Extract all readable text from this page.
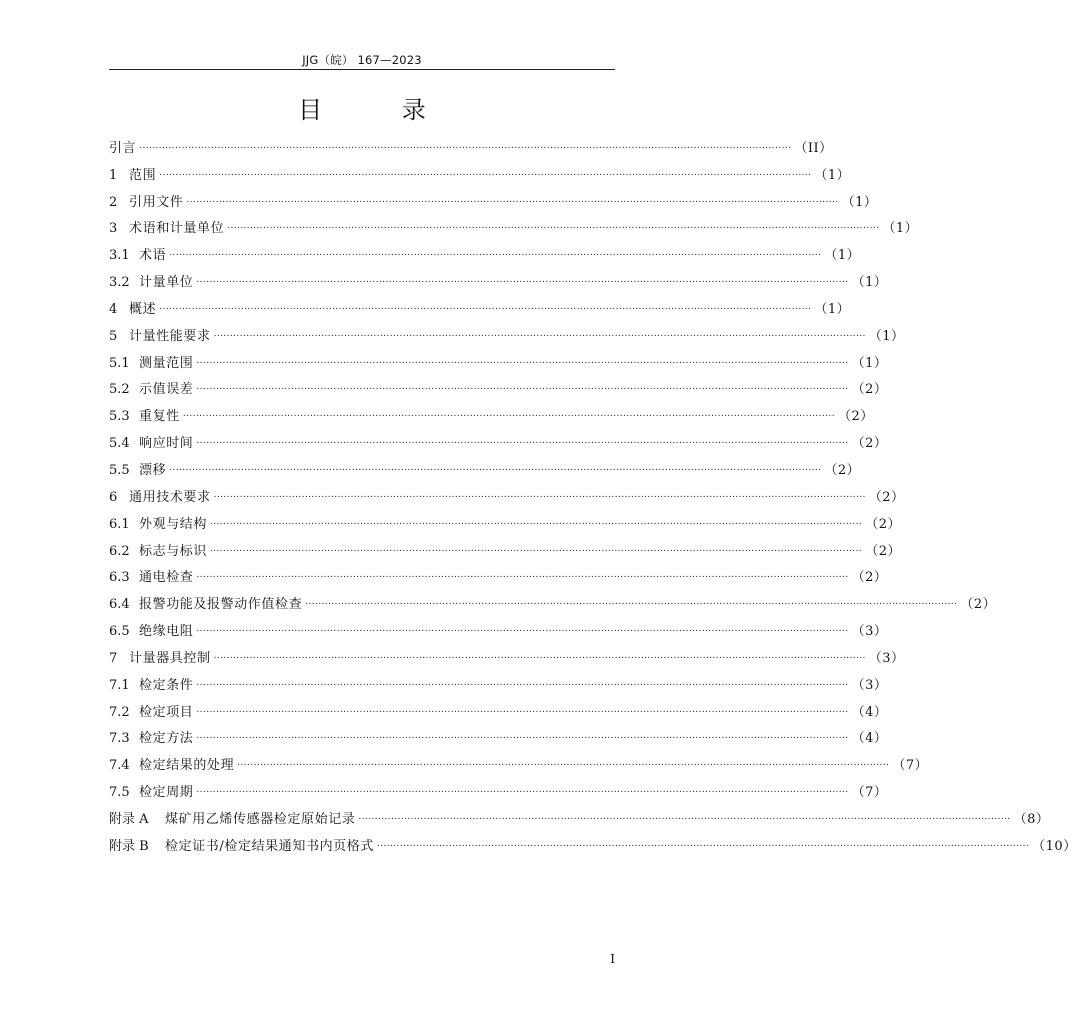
JJG（皖） 167—2023
目 录
引言 ........................................................................................................................................................................................................ （II）
1 范围 ........................................................................................................................................................................................................ （1）
2 引用文件 ........................................................................................................................................................................................................ （1）
3 术语和计量单位 ........................................................................................................................................................................................................ （1）
3.1 术语 ........................................................................................................................................................................................................ （1）
3.2 计量单位 ........................................................................................................................................................................................................ （1）
4 概述 ........................................................................................................................................................................................................ （1）
5 计量性能要求 ........................................................................................................................................................................................................ （1）
5.1 测量范围 ........................................................................................................................................................................................................ （1）
5.2 示值误差 ........................................................................................................................................................................................................ （2）
5.3 重复性 ........................................................................................................................................................................................................ （2）
5.4 响应时间 ........................................................................................................................................................................................................ （2）
5.5 漂移 ........................................................................................................................................................................................................ （2）
6 通用技术要求 ........................................................................................................................................................................................................ （2）
6.1 外观与结构 ........................................................................................................................................................................................................ （2）
6.2 标志与标识 ........................................................................................................................................................................................................ （2）
6.3 通电检查 ........................................................................................................................................................................................................ （2）
6.4 报警功能及报警动作值检查 ........................................................................................................................................................................................................ （2）
6.5 绝缘电阻 ........................................................................................................................................................................................................ （3）
7 计量器具控制 ........................................................................................................................................................................................................ （3）
7.1 检定条件 ........................................................................................................................................................................................................ （3）
7.2 检定项目 ........................................................................................................................................................................................................ （4）
7.3 检定方法 ........................................................................................................................................................................................................ （4）
7.4 检定结果的处理 ........................................................................................................................................................................................................ （7）
7.5 检定周期 ........................................................................................................................................................................................................ （7）
附录 A	煤矿用乙烯传感器检定原始记录 ........................................................................................................................................................................................................ （8）
附录 B	检定证书/检定结果通知书内页格式 ........................................................................................................................................................................................................ （10）
I
